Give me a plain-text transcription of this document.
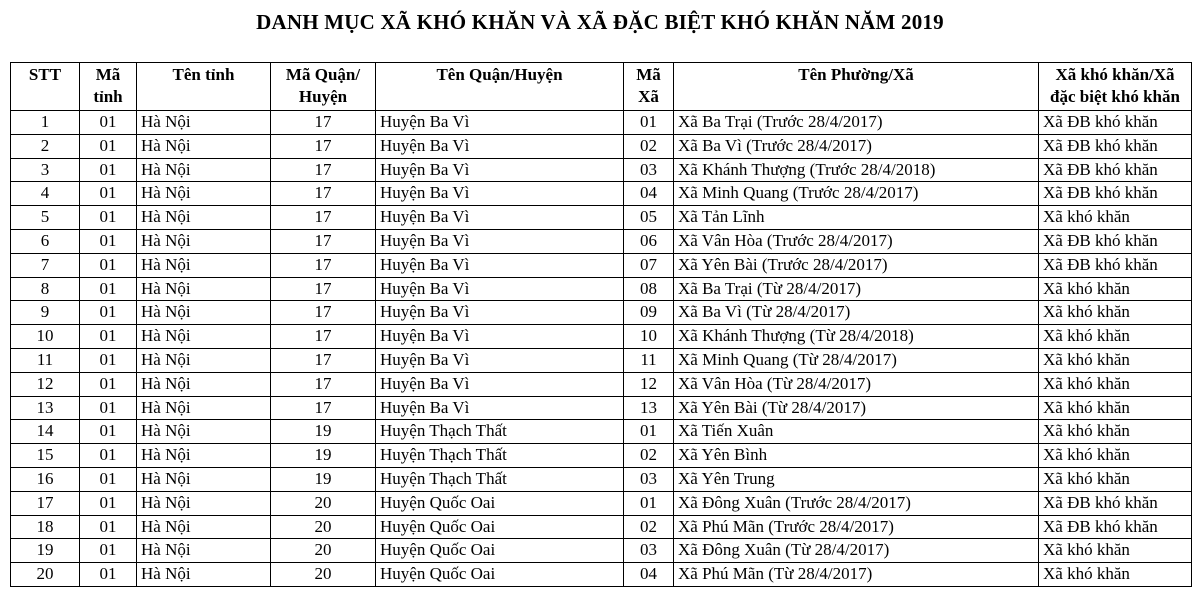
DANH MỤC XÃ KHÓ KHĂN VÀ XÃ ĐẶC BIỆT KHÓ KHĂN NĂM 2019
STT	Mã tỉnh	Tên tỉnh	Mã Quận/ Huyện	Tên Quận/Huyện	Mã Xã	Tên Phường/Xã	Xã khó khăn/Xã đặc biệt khó khăn
1	01	Hà Nội	17	Huyện Ba Vì	01	Xã Ba Trại (Trước 28/4/2017)	Xã ĐB khó khăn
2	01	Hà Nội	17	Huyện Ba Vì	02	Xã Ba Vì (Trước 28/4/2017)	Xã ĐB khó khăn
3	01	Hà Nội	17	Huyện Ba Vì	03	Xã Khánh Thượng (Trước 28/4/2018)	Xã ĐB khó khăn
4	01	Hà Nội	17	Huyện Ba Vì	04	Xã Minh Quang (Trước 28/4/2017)	Xã ĐB khó khăn
5	01	Hà Nội	17	Huyện Ba Vì	05	Xã Tản Lĩnh	Xã khó khăn
6	01	Hà Nội	17	Huyện Ba Vì	06	Xã Vân Hòa (Trước 28/4/2017)	Xã ĐB khó khăn
7	01	Hà Nội	17	Huyện Ba Vì	07	Xã Yên Bài (Trước 28/4/2017)	Xã ĐB khó khăn
8	01	Hà Nội	17	Huyện Ba Vì	08	Xã Ba Trại (Từ 28/4/2017)	Xã khó khăn
9	01	Hà Nội	17	Huyện Ba Vì	09	Xã Ba Vì (Từ 28/4/2017)	Xã khó khăn
10	01	Hà Nội	17	Huyện Ba Vì	10	Xã Khánh Thượng (Từ 28/4/2018)	Xã khó khăn
11	01	Hà Nội	17	Huyện Ba Vì	11	Xã Minh Quang (Từ 28/4/2017)	Xã khó khăn
12	01	Hà Nội	17	Huyện Ba Vì	12	Xã Vân Hòa (Từ 28/4/2017)	Xã khó khăn
13	01	Hà Nội	17	Huyện Ba Vì	13	Xã Yên Bài (Từ 28/4/2017)	Xã khó khăn
14	01	Hà Nội	19	Huyện Thạch Thất	01	Xã Tiến Xuân	Xã khó khăn
15	01	Hà Nội	19	Huyện Thạch Thất	02	Xã Yên Bình	Xã khó khăn
16	01	Hà Nội	19	Huyện Thạch Thất	03	Xã Yên Trung	Xã khó khăn
17	01	Hà Nội	20	Huyện Quốc Oai	01	Xã Đông Xuân (Trước 28/4/2017)	Xã ĐB khó khăn
18	01	Hà Nội	20	Huyện Quốc Oai	02	Xã Phú Mãn (Trước 28/4/2017)	Xã ĐB khó khăn
19	01	Hà Nội	20	Huyện Quốc Oai	03	Xã Đông Xuân (Từ 28/4/2017)	Xã khó khăn
20	01	Hà Nội	20	Huyện Quốc Oai	04	Xã Phú Mãn (Từ 28/4/2017)	Xã khó khăn
